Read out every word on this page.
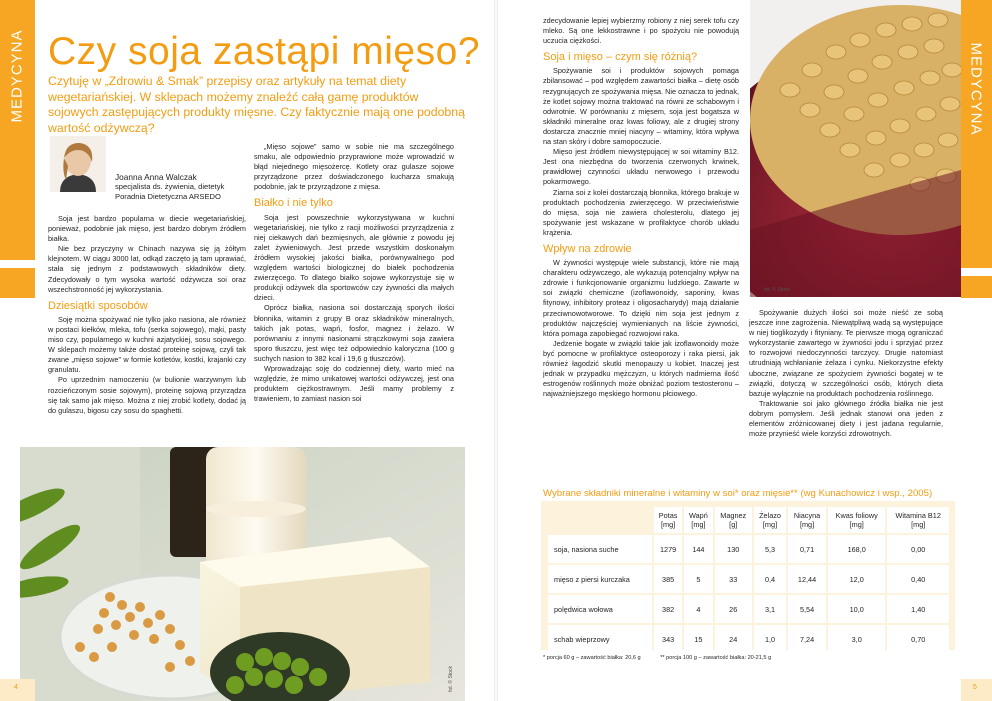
MEDYCYNA Czy soja zastąpi mięso?
Czytuję w „Zdrowiu & Smak” przepisy oraz artykuły na temat diety wegetariańskiej. W sklepach możemy znaleźć całą gamę produktów sojowych zastępujących produkty mięsne. Czy faktycznie mają one podobną wartość odżywczą?
Joanna Anna Walczak
specjalista ds. żywienia, dietetyk
Poradnia Dietetyczna ARSEDO

Soja jest bardzo popularna w diecie wegetariańskiej, ponieważ, podobnie jak mięso, jest bardzo dobrym źródłem białka.

Nie bez przyczyny w Chinach nazywa się ją żółtym klejnotem. W ciągu 3000 lat, odkąd zaczęto ją tam uprawiać, stała się jednym z podstawowych składników diety. Zdecydowały o tym wysoka wartość odżywcza soi oraz wszechstronność jej wykorzystania.

Dziesiątki sposobów

Soję można spożywać nie tylko jako nasiona, ale również w postaci kiełków, mleka, tofu (serka sojowego), mąki, pasty miso czy, popularnego w kuchni azjatyckiej, sosu sojowego. W sklepach możemy także dostać proteinę sojową, czyli tak zwane „mięso sojowe” w formie kotletów, kostki, krajanki czy granulatu.

Po uprzednim namoczeniu (w bulionie warzywnym lub rozcieńczonym sosie sojowym), proteinę sojową przyrządza się tak samo jak mięso. Można z niej zrobić kotlety, dodać ją do gulaszu, bigosu czy sosu do spaghetti.

„Mięso sojowe” samo w sobie nie ma szczególnego smaku, ale odpowiednio przyprawione może wprowadzić w błąd niejednego mięsożercę. Kotlety oraz gulasze sojowe przyrządzone przez doświadczonego kucharza smakują podobnie, jak te przyrządzone z mięsa.

Białko i nie tylko

Soja jest powszechnie wykorzystywana w kuchni wegetariańskiej, nie tylko z racji możliwości przyrządzenia z niej ciekawych dań bezmięsnych, ale głównie z powodu jej zalet żywieniowych. Jest przede wszystkim doskonałym źródłem wysokiej jakości białka, porównywalnego pod względem wartości biologicznej do białek pochodzenia zwierzęcego. To dlatego białko sojowe wykorzystuje się w produkcji odżywek dla sportowców czy żywności dla małych dzieci.

Oprócz białka, nasiona soi dostarczają sporych ilości błonnika, witamin z grupy B oraz składników mineralnych, takich jak potas, wapń, fosfor, magnez i żelazo. W porównaniu z innymi nasionami strączkowymi soja zawiera sporo tłuszczu, jest więc też odpowiednio kaloryczna (100 g suchych nasion to 382 kcal i 19,6 g tłuszczów).

Wprowadzając soję do codziennej diety, warto mieć na względzie, że mimo unikatowej wartości odżywczej, jest ona produktem ciężkostrawnym. Jeśli mamy problemy z trawieniem, to zamiast nasion soi

fot. © Stock
4

zdecydowanie lepiej wybierzmy robiony z niej serek tofu czy mleko. Są one lekkostrawne i po spożyciu nie powodują uczucia ciężkości.

Soja i mięso – czym się różnią?

Spożywanie soi i produktów sojowych pomaga zbilansować – pod względem zawartości białka – dietę osób rezygnujących ze spożywania mięsa. Nie oznacza to jednak, że kotlet sojowy można traktować na równi ze schabowym i odwrotnie. W porównaniu z mięsem, soja jest bogatsza w składniki mineralne oraz kwas foliowy, ale z drugiej strony dostarcza znacznie mniej niacyny – witaminy, która wpływa na stan skóry i dobre samopoczucie.

Mięso jest źródłem niewystępującej w soi witaminy B12. Jest ona niezbędna do tworzenia czerwonych krwinek, prawidłowej czynności układu nerwowego i przewodu pokarmowego.

Ziarna soi z kolei dostarczają błonnika, którego brakuje w produktach pochodzenia zwierzęcego. W przeciwieństwie do mięsa, soja nie zawiera cholesterolu, dlatego jej spożywanie jest wskazane w profilaktyce chorób układu krążenia.

Wpływ na zdrowie

W żywności występuje wiele substancji, które nie mają charakteru odżywczego, ale wykazują potencjalny wpływ na zdrowie i funkcjonowanie organizmu ludzkiego. Zawarte w soi związki chemiczne (izoflawonoidy, saponiny, kwas fitynowy, inhibitory proteaz i oligosacharydy) mają działanie przeciwnowotworowe. To dzięki nim soja jest jednym z produktów najczęściej wymienianych na liście żywności, która pomaga zapobiegać rozwojowi raka.

Jedzenie bogate w związki takie jak izoflawonoidy może być pomocne w profilaktyce osteoporozy i raka piersi, jak również łagodzić skutki menopauzy u kobiet. Inaczej jest jednak w przypadku mężczyzn, u których nadmierna ilość estrogenów roślinnych może obniżać poziom testosteronu – najważniejszego męskiego hormonu płciowego.

fot. © Stock
MEDYCYNA

Spożywanie dużych ilości soi może nieść ze sobą jeszcze inne zagrożenia. Niewątpliwą wadą są występujące w niej tioglikozydy i fityniany. Te pierwsze mogą ograniczać wykorzystanie zawartego w żywności jodu i sprzyjać przez to rozwojowi niedoczynności tarczycy. Drugie natomiast utrudniają wchłanianie żelaza i cynku. Niekorzystne efekty uboczne, związane ze spożyciem żywności bogatej w te związki, dotyczą w szczególności osób, których dieta bazuje wyłącznie na produktach pochodzenia roślinnego.

Traktowanie soi jako głównego źródła białka nie jest dobrym pomysłem. Jeśli jednak stanowi ona jeden z elementów zróżnicowanej diety i jest jadana regularnie, może przynieść wiele korzyści zdrowotnych.

Wybrane składniki mineralne i witaminy w soi* oraz mięsie** (wg Kunachowicz i wsp., 2005)
	Potas
[mg]	Wapń
[mg]	Magnez
[g]	Żelazo
[mg]	Niacyna
[mg]	Kwas foliowy
[mg]	Witamina B12
[mg]
soja, nasiona suche	1279	144	130	5,3	0,71	168,0	0,00
mięso z piersi kurczaka	385	5	33	0,4	12,44	12,0	0,40
polędwica wołowa	382	4	26	3,1	5,54	10,0	1,40
schab wieprzowy	343	15	24	1,0	7,24	3,0	0,70
* porcja 60 g – zawartość białka: 20,6 g	** porcja 100 g – zawartość białka: 20-21,5 g
5
